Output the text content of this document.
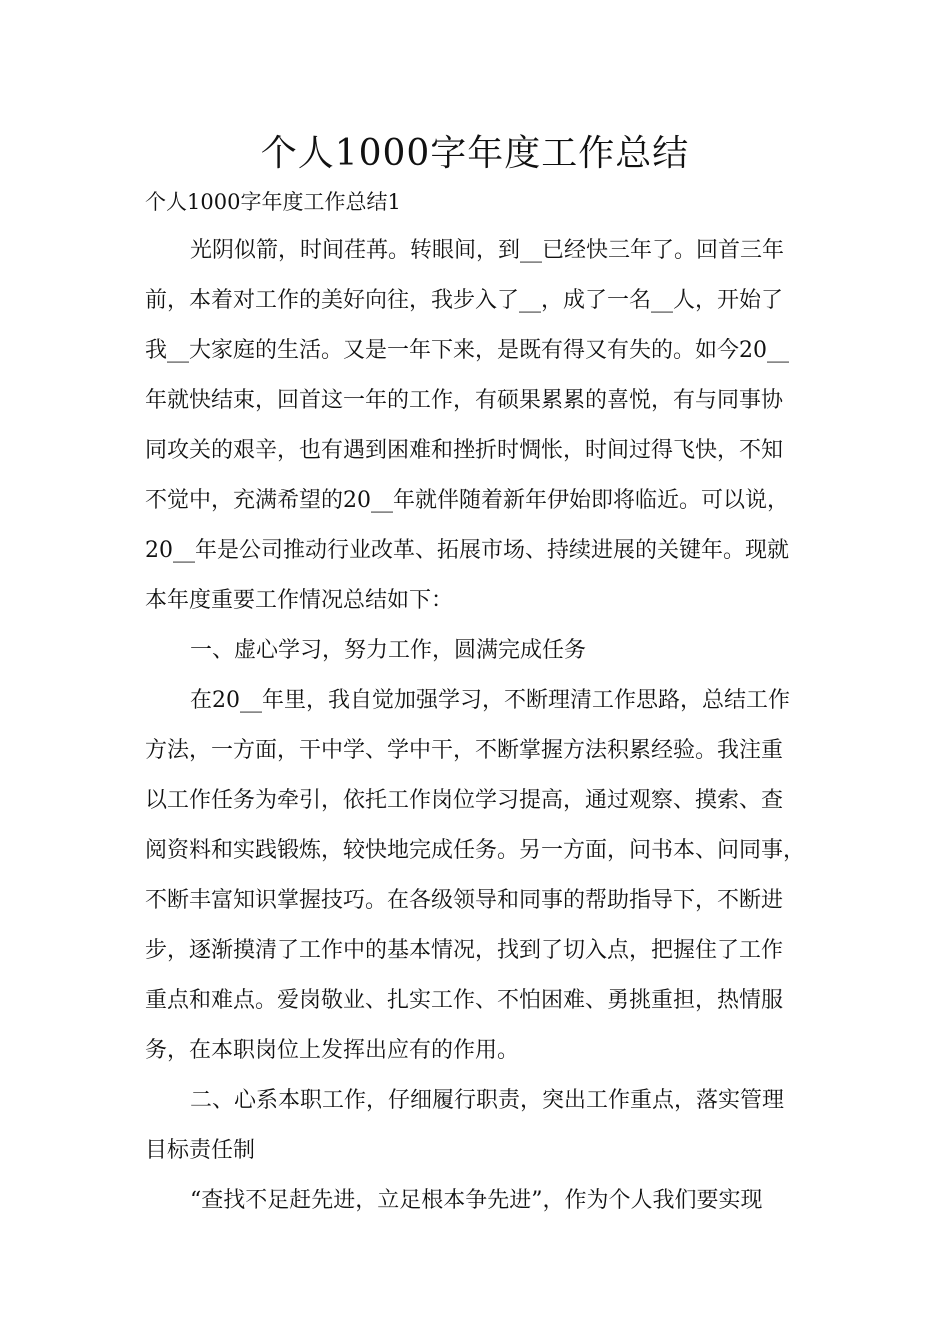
个人1000字年度工作总结

个人1000字年度工作总结1

光阴似箭，时间荏苒。转眼间，到__已经快三年了。回首三年
前，本着对工作的美好向往，我步入了__，成了一名__人，开始了
我__大家庭的生活。又是一年下来，是既有得又有失的。如今20__
年就快结束，回首这一年的工作，有硕果累累的喜悦，有与同事协
同攻关的艰辛，也有遇到困难和挫折时惆怅，时间过得飞快，不知
不觉中，充满希望的20__年就伴随着新年伊始即将临近。可以说，
20__年是公司推动行业改革、拓展市场、持续进展的关键年。现就
本年度重要工作情况总结如下：
一、虚心学习，努力工作，圆满完成任务
在20__年里，我自觉加强学习，不断理清工作思路，总结工作
方法，一方面，干中学、学中干，不断掌握方法积累经验。我注重
以工作任务为牵引，依托工作岗位学习提高，通过观察、摸索、查
阅资料和实践锻炼，较快地完成任务。另一方面，问书本、问同事，
不断丰富知识掌握技巧。在各级领导和同事的帮助指导下，不断进
步，逐渐摸清了工作中的基本情况，找到了切入点，把握住了工作
重点和难点。爱岗敬业、扎实工作、不怕困难、勇挑重担，热情服
务，在本职岗位上发挥出应有的作用。
二、心系本职工作，仔细履行职责，突出工作重点，落实管理
目标责任制
“查找不足赶先进，立足根本争先进”，作为个人我们要实现
